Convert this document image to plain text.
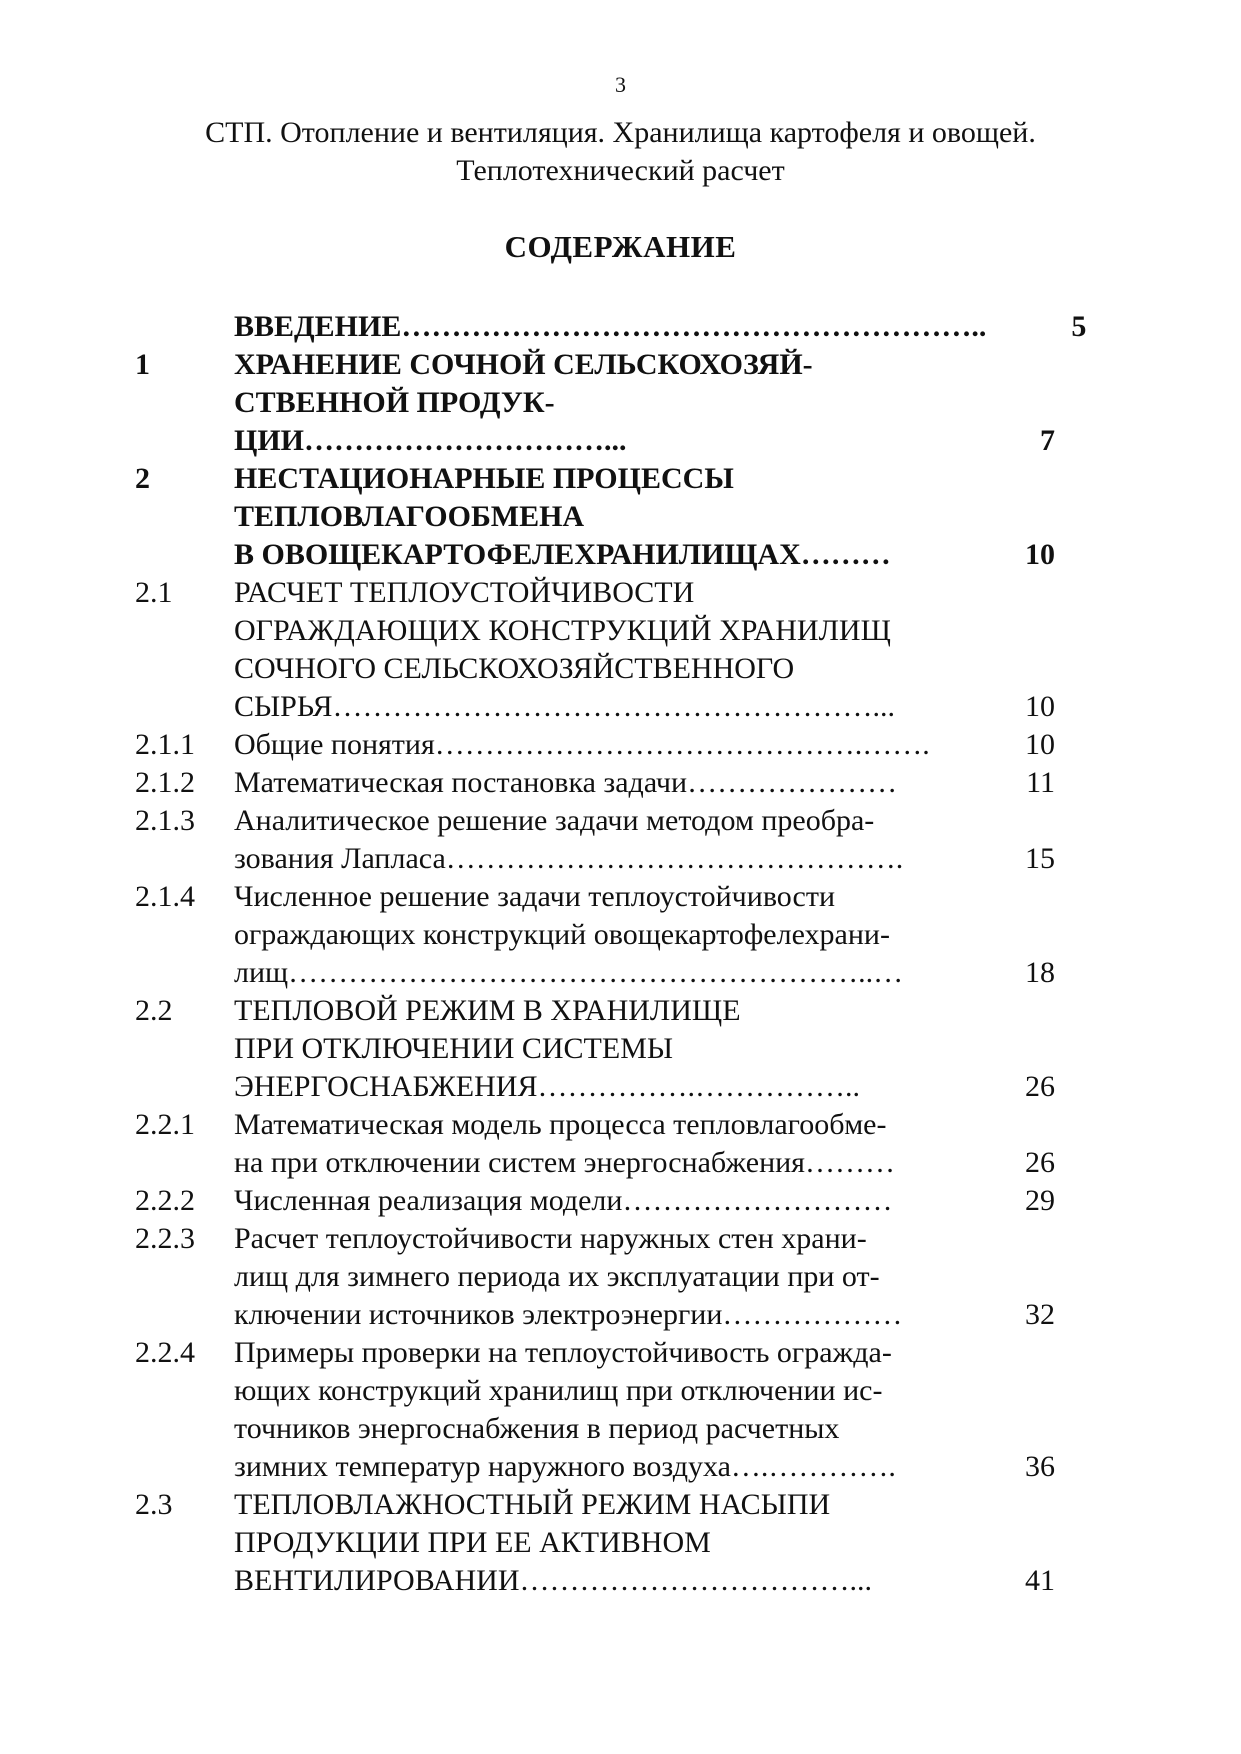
3
СТП. Отопление и вентиляция. Хранилища картофеля и овощей.
Теплотехнический расчет
СОДЕРЖАНИЕ
ВВЕДЕНИЕ…………………………………………………..	5
1	ХРАНЕНИЕ СОЧНОЙ СЕЛЬСКОХОЗЯЙ-
СТВЕННОЙ ПРОДУК-
ЦИИ…………………………...	7
2	НЕСТАЦИОНАРНЫЕ ПРОЦЕССЫ
ТЕПЛОВЛАГООБМЕНА
В ОВОЩЕКАРТОФЕЛЕХРАНИЛИЩАХ………	10
2.1	РАСЧЕТ ТЕПЛОУСТОЙЧИВОСТИ
ОГРАЖДАЮЩИХ КОНСТРУКЦИЙ ХРАНИЛИЩ
СОЧНОГО СЕЛЬСКОХОЗЯЙСТВЕННОГО
СЫРЬЯ………………………………………………...	10
2.1.1	Общие понятия…………………………………….…….	10
2.1.2	Математическая постановка задачи…………………	11
2.1.3	Аналитическое решение задачи методом преобра-
зования Лапласа……………………………………….	15
2.1.4	Численное решение задачи теплоустойчивости
ограждающих конструкций овощекартофелехрани-
лищ…………………………………………………..…	18
2.2	ТЕПЛОВОЙ РЕЖИМ В ХРАНИЛИЩЕ
ПРИ ОТКЛЮЧЕНИИ СИСТЕМЫ
ЭНЕРГОСНАБЖЕНИЯ…………….……………..	26
2.2.1	Математическая модель процесса тепловлагообме-
на при отключении систем энергоснабжения………	26
2.2.2	Численная реализация модели………………………	29
2.2.3	Расчет теплоустойчивости наружных стен храни-
лищ для зимнего периода их эксплуатации при от-
ключении источников электроэнергии………………	32
2.2.4	Примеры проверки на теплоустойчивость огражда-
ющих конструкций хранилищ при отключении ис-
точников энергоснабжения в период расчетных
зимних температур наружного воздуха….………….	36
2.3	ТЕПЛОВЛАЖНОСТНЫЙ РЕЖИМ НАСЫПИ
ПРОДУКЦИИ ПРИ ЕЕ АКТИВНОМ
ВЕНТИЛИРОВАНИИ……………………………...	41
